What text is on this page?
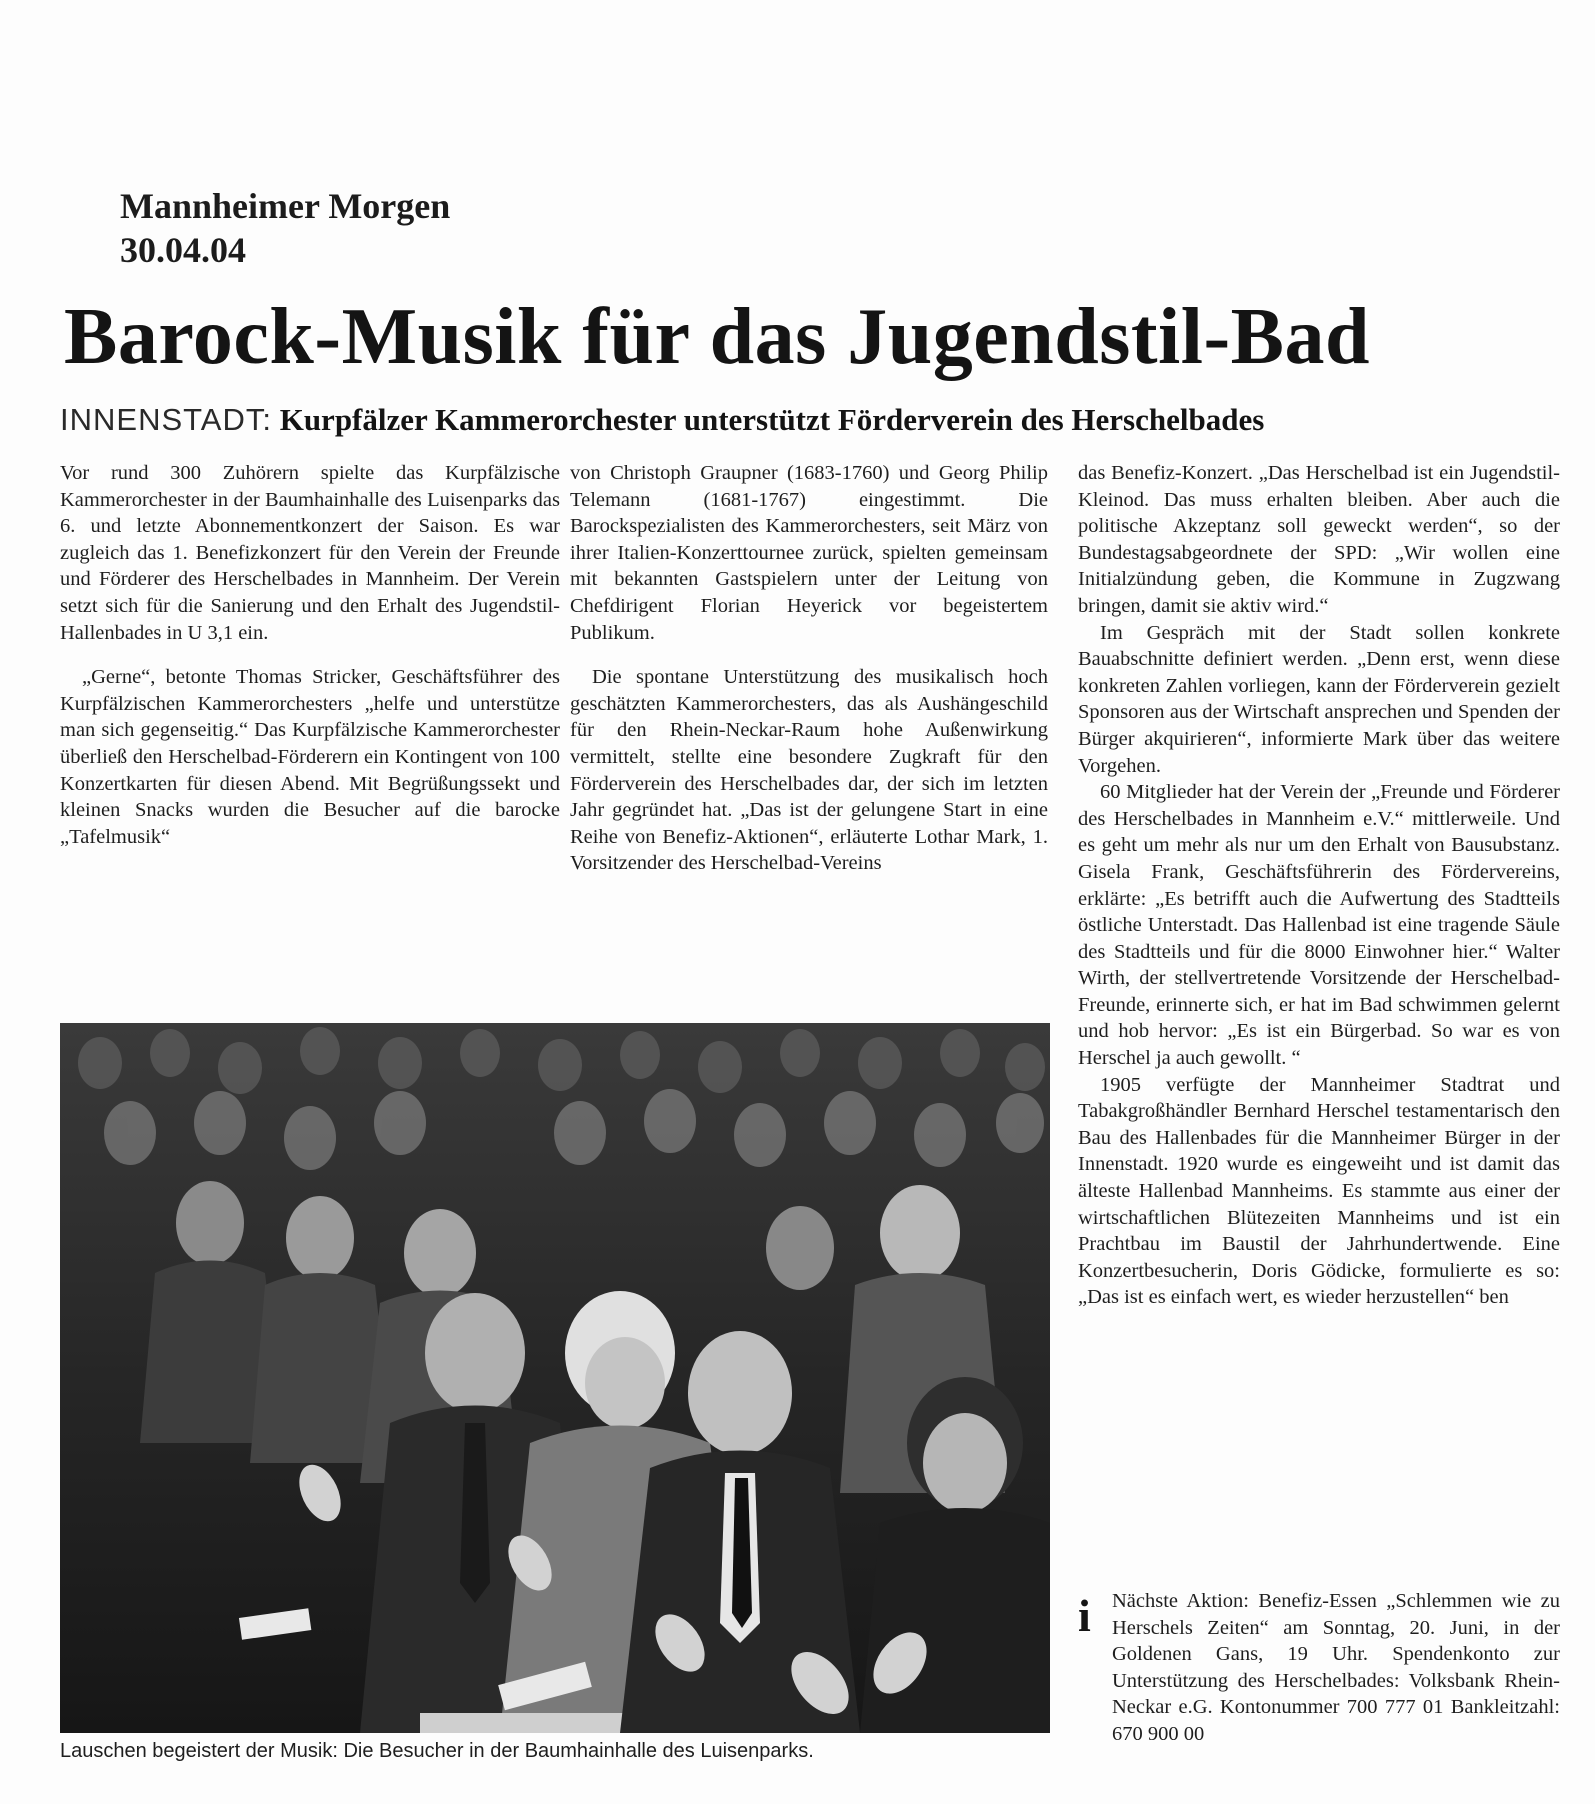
Mannheimer Morgen
30.04.04
Barock-Musik für das Jugendstil-Bad
INNENSTADT: Kurpfälzer Kammerorchester unterstützt Förderverein des Herschelbades

Vor rund 300 Zuhörern spielte das Kurpfälzische Kammerorchester in der Baumhainhalle des Luisenparks das 6. und letzte Abonnementkonzert der Saison. Es war zugleich das 1. Benefizkonzert für den Verein der Freunde und Förderer des Herschelbades in Mannheim. Der Verein setzt sich für die Sanierung und den Erhalt des Jugendstil-Hallenbades in U 3,1 ein.

„Gerne“, betonte Thomas Stricker, Geschäftsführer des Kurpfälzischen Kammerorchesters „helfe und unterstütze man sich gegenseitig.“ Das Kurpfälzische Kammerorchester überließ den Herschelbad-Förderern ein Kontingent von 100 Konzertkarten für diesen Abend. Mit Begrüßungssekt und kleinen Snacks wurden die Besucher auf die barocke „Tafelmusik“

von Christoph Graupner (1683-1760) und Georg Philip Telemann (1681-1767) eingestimmt. Die Barockspezialisten des Kammerorchesters, seit März von ihrer Italien-Konzerttournee zurück, spielten gemeinsam mit bekannten Gastspielern unter der Leitung von Chefdirigent Florian Heyerick vor begeistertem Publikum.

Die spontane Unterstützung des musikalisch hoch geschätzten Kammerorchesters, das als Aushängeschild für den Rhein-Neckar-Raum hohe Außenwirkung vermittelt, stellte eine besondere Zugkraft für den Förderverein des Herschelbades dar, der sich im letzten Jahr gegründet hat. „Das ist der gelungene Start in eine Reihe von Benefiz-Aktionen“, erläuterte Lothar Mark, 1. Vorsitzender des Herschelbad-Vereins

das Benefiz-Konzert. „Das Herschelbad ist ein Jugendstil-Kleinod. Das muss erhalten bleiben. Aber auch die politische Akzeptanz soll geweckt werden“, so der Bundestagsabgeordnete der SPD: „Wir wollen eine Initialzündung geben, die Kommune in Zugzwang bringen, damit sie aktiv wird.“

Im Gespräch mit der Stadt sollen konkrete Bauabschnitte definiert werden. „Denn erst, wenn diese konkreten Zahlen vorliegen, kann der Förderverein gezielt Sponsoren aus der Wirtschaft ansprechen und Spenden der Bürger akquirieren“, informierte Mark über das weitere Vorgehen.

60 Mitglieder hat der Verein der „Freunde und Förderer des Herschelbades in Mannheim e.V.“ mittlerweile. Und es geht um mehr als nur um den Erhalt von Bausubstanz. Gisela Frank, Geschäftsführerin des Fördervereins, erklärte: „Es betrifft auch die Aufwertung des Stadtteils östliche Unterstadt. Das Hallenbad ist eine tragende Säule des Stadtteils und für die 8000 Einwohner hier.“ Walter Wirth, der stellvertretende Vorsitzende der Herschelbad-Freunde, erinnerte sich, er hat im Bad schwimmen gelernt und hob hervor: „Es ist ein Bürgerbad. So war es von Herschel ja auch gewollt. “

1905 verfügte der Mannheimer Stadtrat und Tabakgroßhändler Bernhard Herschel testamentarisch den Bau des Hallenbades für die Mannheimer Bürger in der Innenstadt. 1920 wurde es eingeweiht und ist damit das älteste Hallenbad Mannheims. Es stammte aus einer der wirtschaftlichen Blütezeiten Mannheims und ist ein Prachtbau im Baustil der Jahrhundertwende. Eine Konzertbesucherin, Doris Gödicke, formulierte es so: „Das ist es einfach wert, es wieder herzustellen“ ben

Lauschen begeistert der Musik: Die Besucher in der Baumhainhalle des Luisenparks.
i	Nächste Aktion: Benefiz-Essen „Schlemmen wie zu Herschels Zeiten“ am Sonntag, 20. Juni, in der Goldenen Gans, 19 Uhr. Spendenkonto zur Unterstützung des Herschelbades: Volksbank Rhein-Neckar e.G. Kontonummer 700 777 01 Bankleitzahl: 670 900 00
